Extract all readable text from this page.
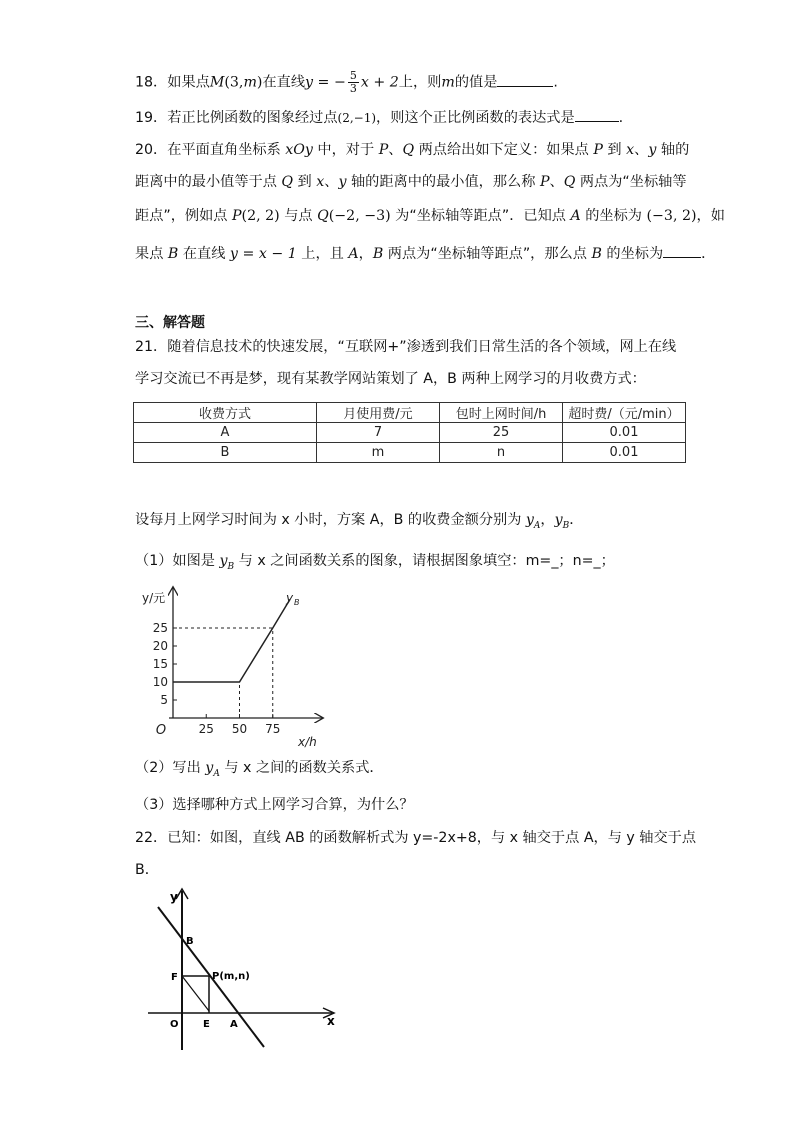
18．如果点M(3,m)在直线y = − $\frac{5}{3}$ x + 2上，则m的值是	.
19．若正比例函数的图象经过点(2,−1)，则这个正比例函数的表达式是	.
20．在平面直角坐标系 xOy 中，对于 P、Q 两点给出如下定义：如果点 P 到 x、y 轴的
距离中的最小值等于点 Q 到 x、y 轴的距离中的最小值，那么称 P、Q 两点为“坐标轴等
距点”，例如点 P(2, 2) 与点 Q(−2, −3) 为“坐标轴等距点”．已知点 A 的坐标为 (−3, 2)，如
果点 B 在直线 y = x − 1 上，且 A，B 两点为“坐标轴等距点”，那么点 B 的坐标为	．
三、解答题
21．随着信息技术的快速发展，“互联网+”渗透到我们日常生活的各个领域，网上在线
学习交流已不再是梦，现有某教学网站策划了 A，B 两种上网学习的月收费方式：
收费方式	月使用费/元	包时上网时间/h	超时费/（元/min）
A	7	25	0.01
B	m	n	0.01
设每月上网学习时间为 x 小时，方案 A，B 的收费金额分别为 $y_A$，$y_B$．
（1）如图是 $y_B$ 与 x 之间函数关系的图象，请根据图象填空：m=_；n=_；
5
10
15
20
25
25 50 75
O
y/元
x/h
y B
（2）写出 $y_A$ 与 x 之间的函数关系式．
（3）选择哪种方式上网学习合算，为什么？
22．已知：如图，直线 AB 的函数解析式为 y=-2x+8，与 x 轴交于点 A，与 y 轴交于点
B．
y
x
B
F	P(m,n)
O E A
